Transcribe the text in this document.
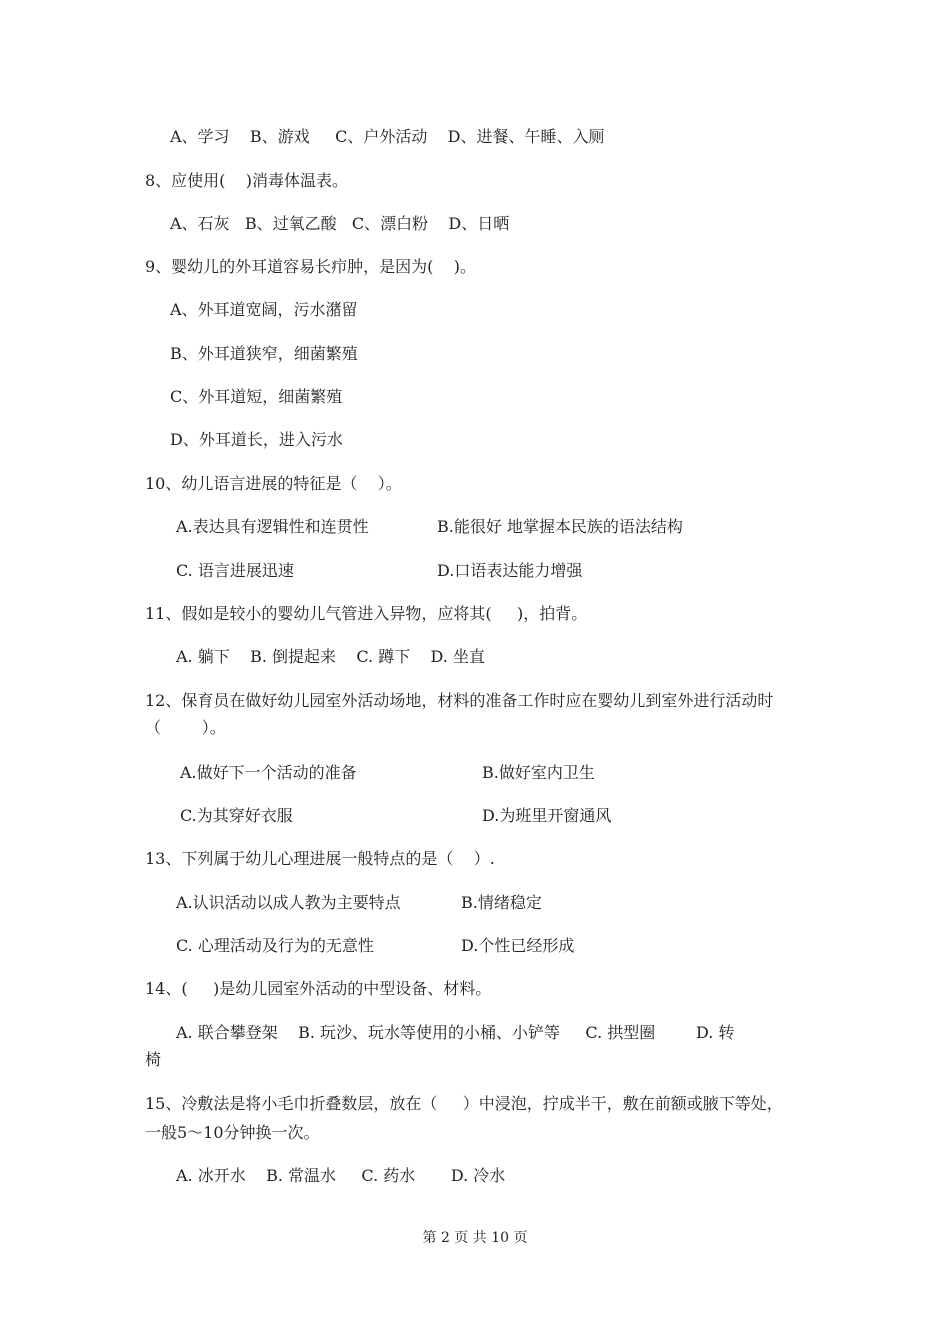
A、学习    B、游戏     C、户外活动    D、进餐、午睡、入厕
8、应使用(    )消毒体温表。
A、石灰   B、过氧乙酸   C、漂白粉    D、日晒
9、婴幼儿的外耳道容易长疖肿，是因为(    )。
A、外耳道宽阔，污水潴留
B、外耳道狭窄，细菌繁殖
C、外耳道短，细菌繁殖
D、外耳道长，进入污水
10、幼儿语言进展的特征是（    ）。
A.表达具有逻辑性和连贯性	B.能很好 地掌握本民族的语法结构
C. 语言进展迅速	D.口语表达能力增强
11、假如是较小的婴幼儿气管进入异物，应将其(     )，拍背。
A. 躺下    B. 倒提起来    C. 蹲下    D. 坐直
12、保育员在做好幼儿园室外活动场地，材料的准备工作时应在婴幼儿到室外进行活动时
（        ）。
A.做好下一个活动的准备	B.做好室内卫生
C.为其穿好衣服	D.为班里开窗通风
13、下列属于幼儿心理进展一般特点的是（    ）.
A.认识活动以成人教为主要特点	B.情绪稳定
C. 心理活动及行为的无意性	D.个性已经形成
14、(     )是幼儿园室外活动的中型设备、材料。
A. 联合攀登架    B. 玩沙、玩水等使用的小桶、小铲等     C. 拱型圈        D. 转
椅
15、冷敷法是将小毛巾折叠数层，放在（     ）中浸泡，拧成半干，敷在前额或腋下等处，
一般5～10分钟换一次。
A. 冰开水    B. 常温水     C. 药水       D. 冷水
第 2 页 共 10 页
